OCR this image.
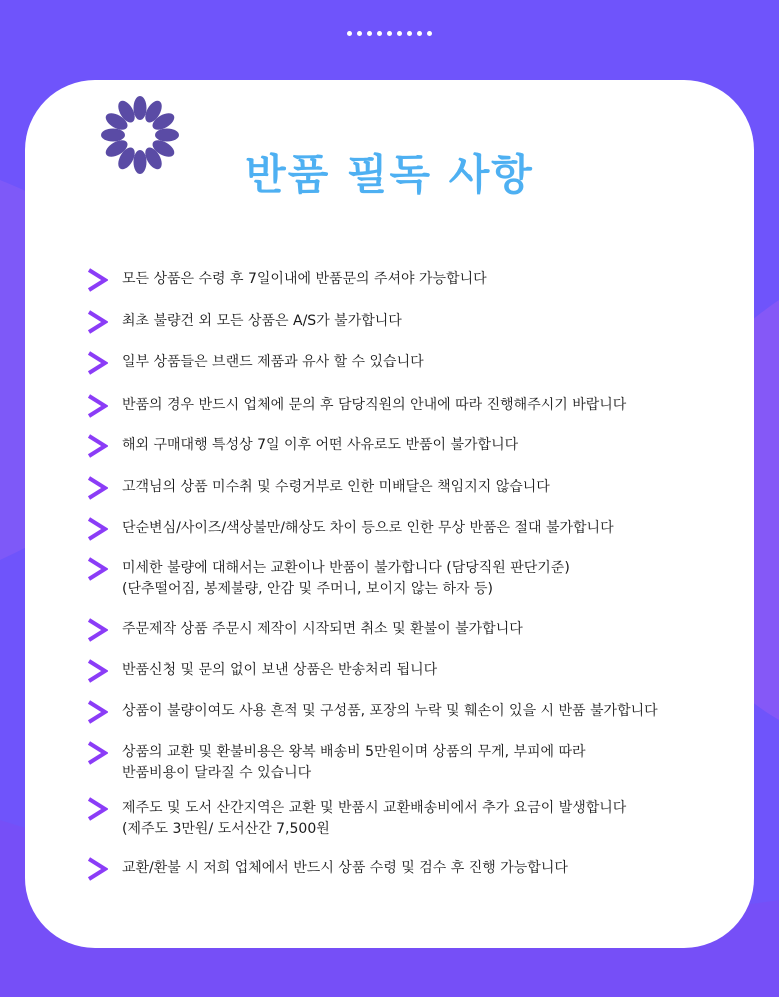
반품 필독 사항
모든 상품은 수령 후 7일이내에 반품문의 주셔야 가능합니다
최초 불량건 외 모든 상품은 A/S가 불가합니다
일부 상품들은 브랜드 제품과 유사 할 수 있습니다
반품의 경우 반드시 업체에 문의 후 담당직원의 안내에 따라 진행해주시기 바랍니다
해외 구매대행 특성상 7일 이후 어떤 사유로도 반품이 불가합니다
고객님의 상품 미수취 및 수령거부로 인한 미배달은 책임지지 않습니다
단순변심/사이즈/색상불만/해상도 차이 등으로 인한 무상 반품은 절대 불가합니다
미세한 불량에 대해서는 교환이나 반품이 불가합니다 (담당직원 판단기준)
(단추떨어짐, 봉제불량, 안감 및 주머니, 보이지 않는 하자 등)
주문제작 상품 주문시 제작이 시작되면 취소 및 환불이 불가합니다
반품신청 및 문의 없이 보낸 상품은 반송처리 됩니다
상품이 불량이여도 사용 흔적 및 구성품, 포장의 누락 및 훼손이 있을 시 반품 불가합니다
상품의 교환 및 환불비용은 왕복 배송비 5만원이며 상품의 무게, 부피에 따라
반품비용이 달라질 수 있습니다
제주도 및 도서 산간지역은 교환 및 반품시 교환배송비에서 추가 요금이 발생합니다
(제주도 3만원/ 도서산간 7,500원
교환/환불 시 저희 업체에서 반드시 상품 수령 및 검수 후 진행 가능합니다
